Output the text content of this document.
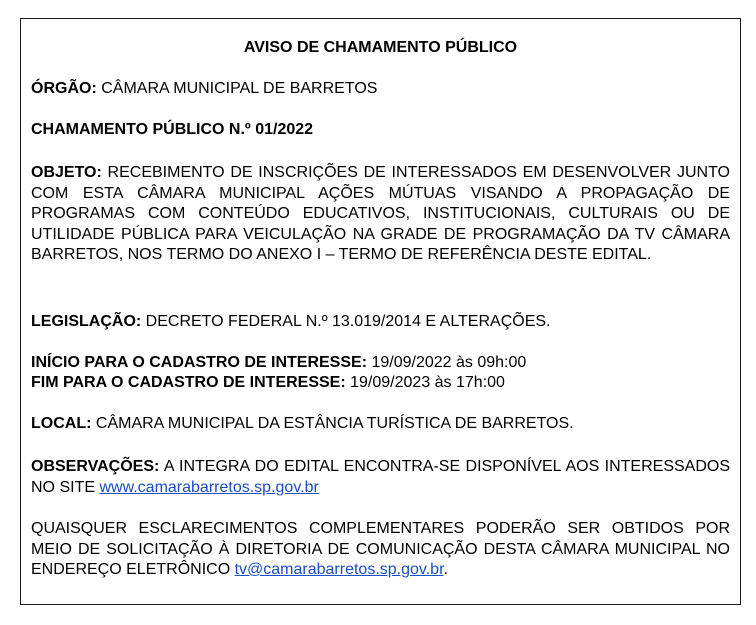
AVISO DE CHAMAMENTO PÚBLICO
ÓRGÃO: CÂMARA MUNICIPAL DE BARRETOS
CHAMAMENTO PÚBLICO N.º 01/2022
OBJETO: RECEBIMENTO DE INSCRIÇÕES DE INTERESSADOS EM DESENVOLVER JUNTO COM ESTA CÂMARA MUNICIPAL AÇÕES MÚTUAS VISANDO A PROPAGAÇÃO DE PROGRAMAS COM CONTEÚDO EDUCATIVOS, INSTITUCIONAIS, CULTURAIS OU DE UTILIDADE PÚBLICA PARA VEICULAÇÃO NA GRADE DE PROGRAMAÇÃO DA TV CÂMARA BARRETOS, NOS TERMO DO ANEXO I – TERMO DE REFERÊNCIA DESTE EDITAL.
LEGISLAÇÃO: DECRETO FEDERAL N.º 13.019/2014 E ALTERAÇÕES.
INÍCIO PARA O CADASTRO DE INTERESSE: 19/09/2022 às 09h:00
FIM PARA O CADASTRO DE INTERESSE: 19/09/2023 às 17h:00
LOCAL: CÂMARA MUNICIPAL DA ESTÂNCIA TURÍSTICA DE BARRETOS.
OBSERVAÇÕES: A INTEGRA DO EDITAL ENCONTRA-SE DISPONÍVEL AOS INTERESSADOS NO SITE www.camarabarretos.sp.gov.br
QUAISQUER ESCLARECIMENTOS COMPLEMENTARES PODERÃO SER OBTIDOS POR MEIO DE SOLICITAÇÃO À DIRETORIA DE COMUNICAÇÃO DESTA CÂMARA MUNICIPAL NO ENDEREÇO ELETRÔNICO tv@camarabarretos.sp.gov.br.
